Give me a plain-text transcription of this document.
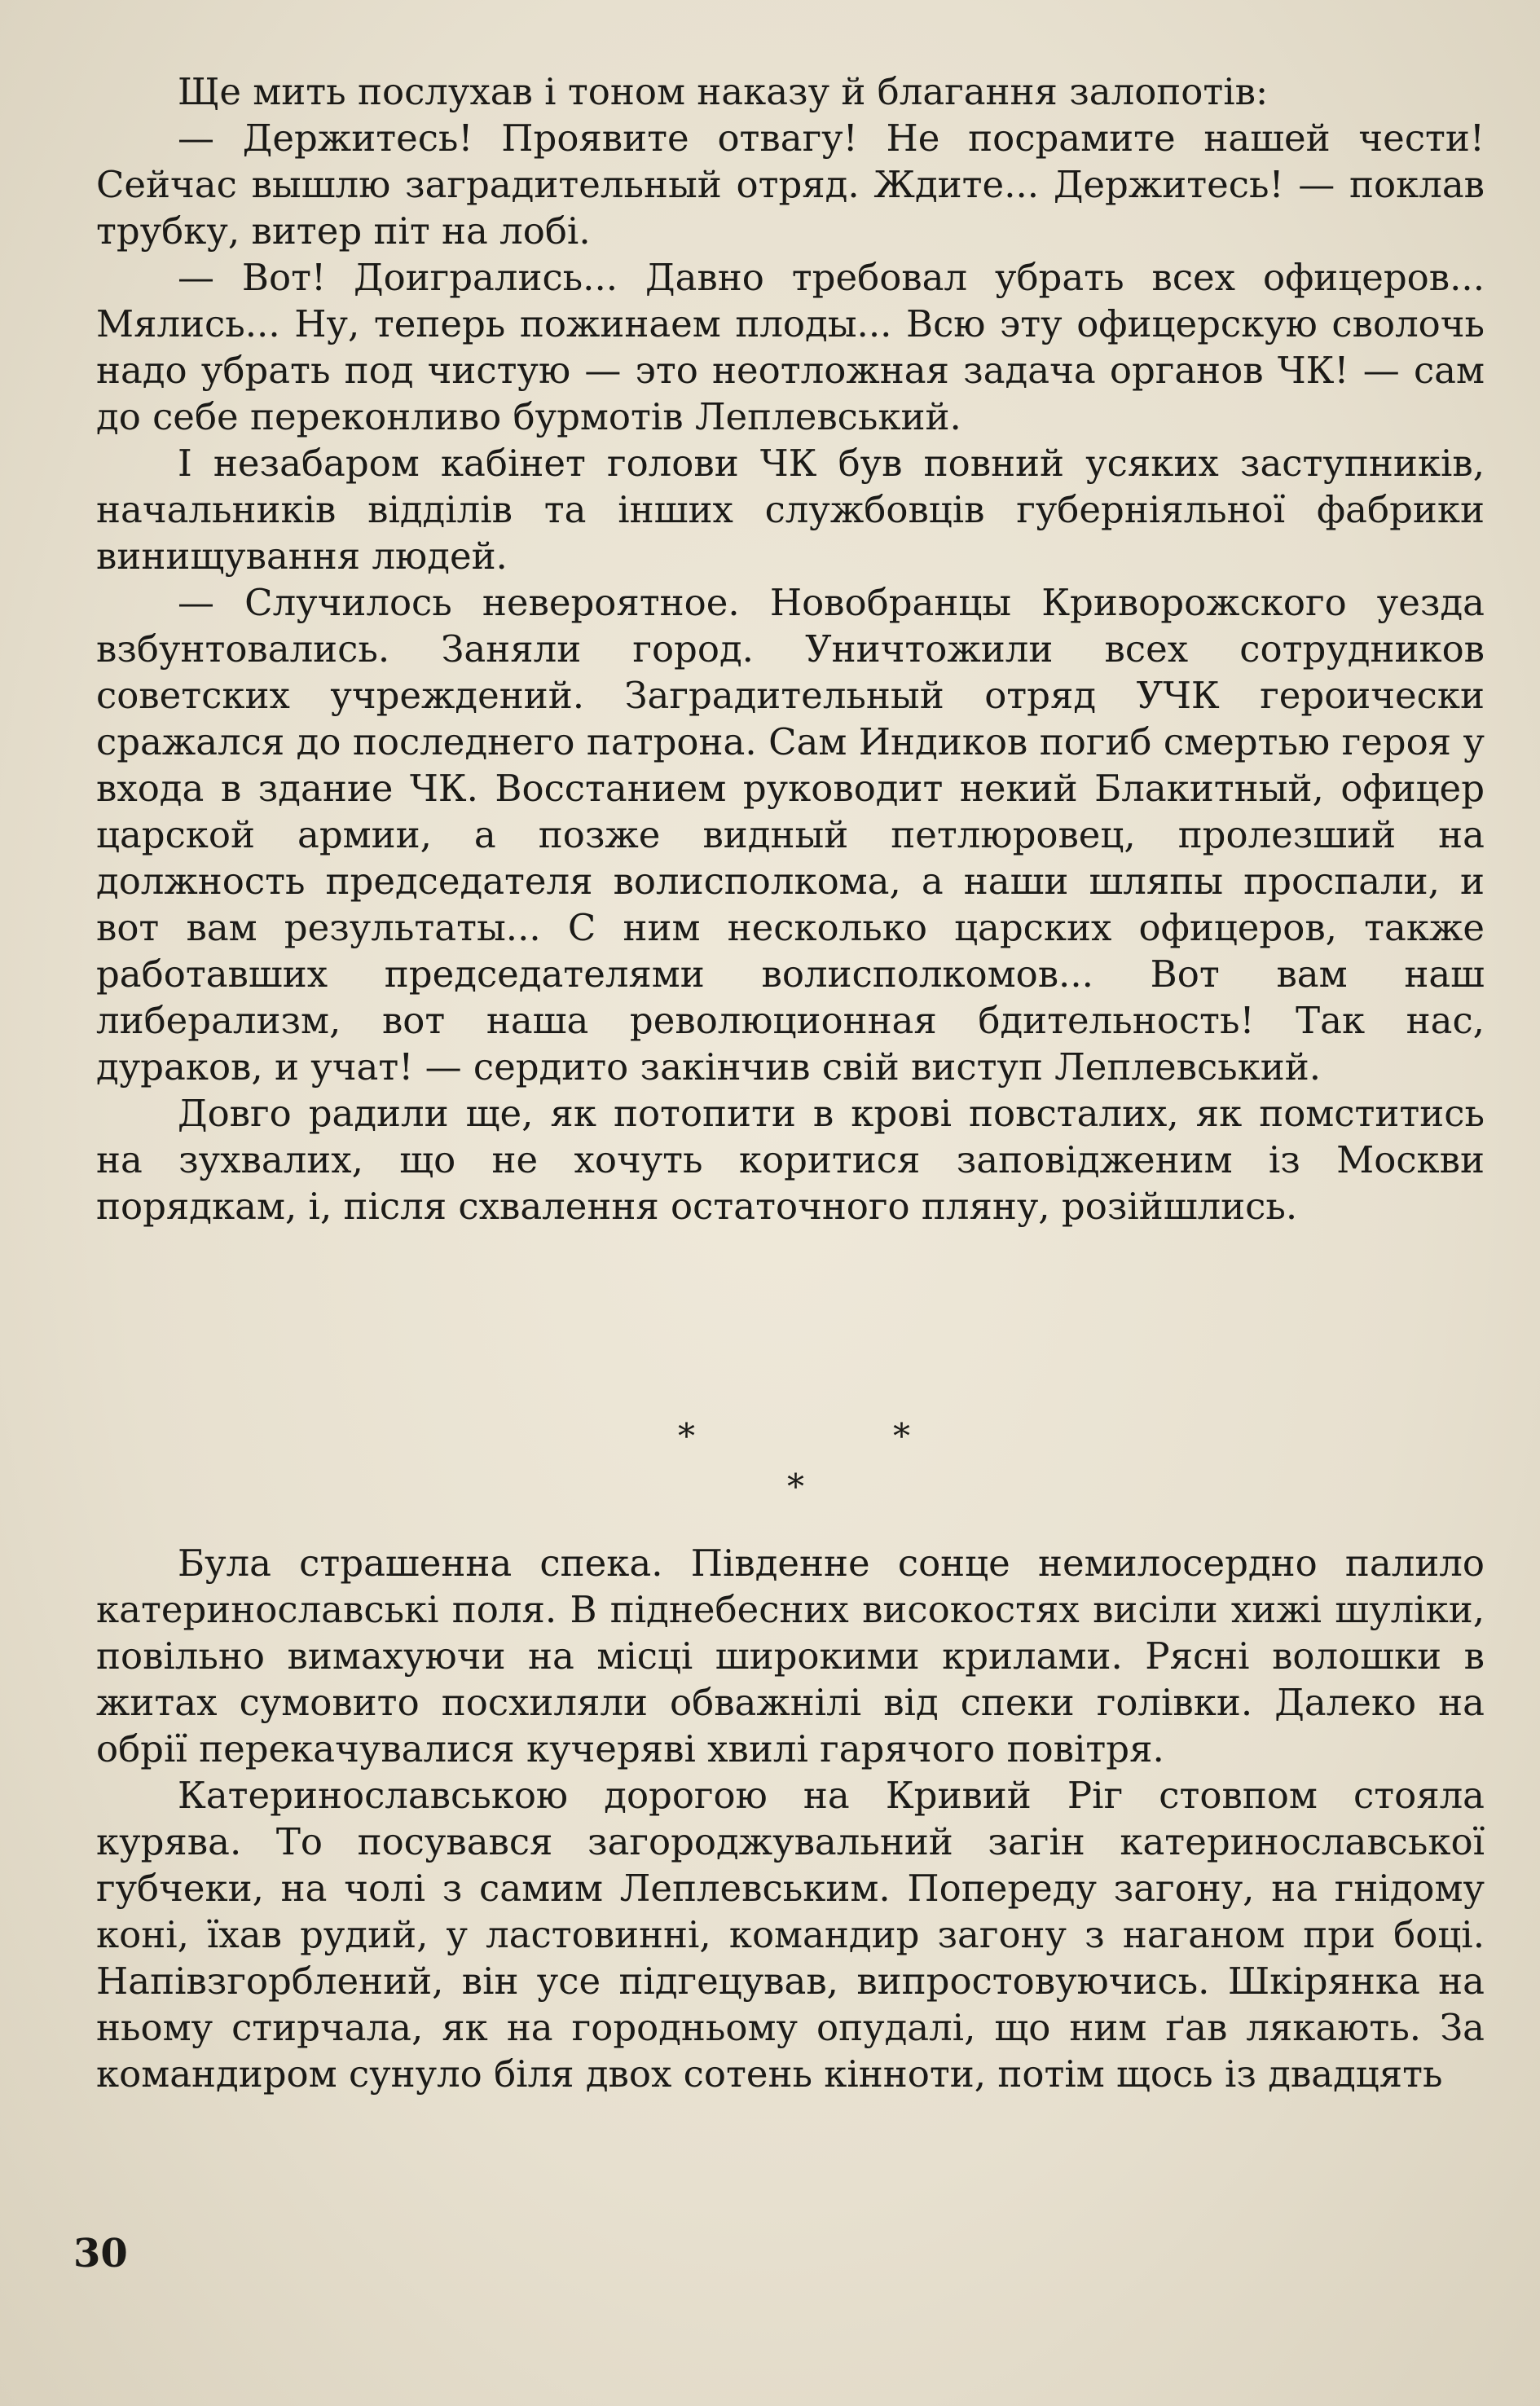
Ще мить послухав і тоном наказу й благання залопотів:

— Держитесь! Проявите отвагу! Не посрамите нашей чести! Сейчас вышлю заградительный отряд. Ждите... Держитесь! — поклав трубку, витер піт на лобі.

— Вот! Доигрались... Давно требовал убрать всех офицеров... Мялись... Ну, теперь пожинаем плоды... Всю эту офицерскую сволочь надо убрать под чистую — это неотложная задача органов ЧК! — сам до себе переконливо бурмотів Леплевський.

І незабаром кабінет голови ЧК був повний усяких заступників, начальників відділів та інших службовців губерніяльної фабрики винищування людей.

— Случилось невероятное. Новобранцы Криворожского уезда взбунтовались. Заняли город. Уничтожили всех сотрудников советских учреждений. Заградительный отряд УЧК героически сражался до последнего патрона. Сам Индиков погиб смертью героя у входа в здание ЧК. Восстанием руководит некий Блакитный, офицер царской армии, а позже видный петлюровец, пролезший на должность председателя волисполкома, а наши шляпы проспали, и вот вам результаты... С ним несколько царских офицеров, также работавших председателями волисполкомов... Вот вам наш либерализм, вот наша революционная бдительность! Так нас, дураков, и учат! — сердито закінчив свій виступ Леплевський.

Довго радили ще, як потопити в крові повсталих, як помститись на зухвалих, що не хочуть коритися заповідженим із Москви порядкам, і, після схвалення остаточного пляну, розійшлись.

*	*
*

Була страшенна спека. Південне сонце немилосердно палило катеринославські поля. В піднебесних високостях висіли хижі шуліки, повільно вимахуючи на місці широкими крилами. Рясні волошки в житах сумовито посхиляли обважнілі від спеки голівки. Далеко на обрії перекачувалися кучеряві хвилі гарячого повітря.

Катеринославською дорогою на Кривий Ріг стовпом стояла курява. То посувався загороджувальний загін катеринославської губчеки, на чолі з самим Леплевським. Попереду загону, на гнідому коні, їхав рудий, у ластовинні, командир загону з наганом при боці. Напівзгорблений, він усе підгецував, випростовуючись. Шкірянка на ньому стирчала, як на городньому опудалі, що ним ґав лякають. За командиром сунуло біля двох сотень кінноти, потім щось із двадцять

30
